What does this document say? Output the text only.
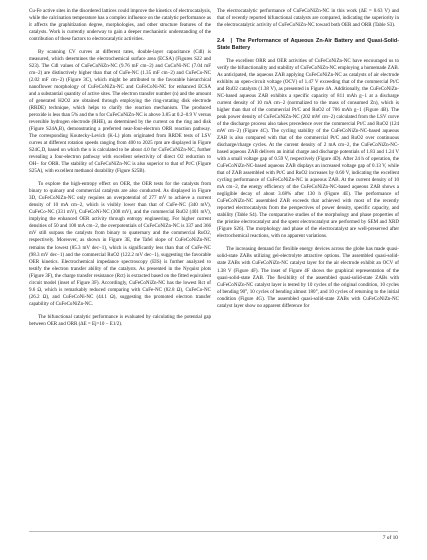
Cu-Fe active sites in the disordered lattices could improve the kinetics of electrocatalysis, while the calcination temperature has a complex influence on the catalytic performance as it affects the graphitization degree, morphologies, and other structure features of the catalysts. Work is currently underway to gain a deeper mechanistic understanding of the contribution of these factors to electrocatalytic activities.

By scanning CV curves at different rates, double-layer capacitance (Cdl) is measured, which determines the electrochemical surface area (ECSA) (Figures S22 and S23). The Cdl values of CuFeCoNiZn-NC (9.76 mF cm−2) and CuCoNi-NC (7.04 mF cm−2) are distinctively higher than that of CuFe-NC (1.35 mF cm−2) and CuFeCo-NC (2.02 mF cm−2) (Figure 3C), which might be attributed to the favorable hierarchical nanoflower morphology of CuFeCoNiZn-NC and CuFeCoNi-NC for enhanced ECSA and a substantial quantity of active sites. The electron transfer number (n) and the amount of generated H2O2 are obtained through employing the ring-rotating disk electrode (RRDE) technique, which helps to clarify the reaction mechanism. The produced peroxide is less than 5% and the n for CuFeCoNiZn-NC is above 3.85 at 0.2–0.9 V versus reversible hydrogen electrode (RHE), as determined by the current on the ring and disk (Figure S24A,B), demonstrating a preferred near-four-electron ORR reaction pathway. The corresponding Koutecky-Levich (K-L) plots originated from RRDE tests of LSV curves at different rotation speeds ranging from 400 to 2025 rpm are displayed in Figure S24C,D, based on which the n is calculated to be about 4.0 for CuFeCoNiZn-NC, further revealing a four-electron pathway with excellent selectivity of direct O2 reduction to OH− for ORR. The stability of CuFeCoNiZn-NC is also superior to that of Pt/C (Figure S25A), with excellent methanol durability (Figure S25B).

To explore the high-entropy effect on OER, the OER tests for the catalysts from binary to quinary and commercial catalysts are also conducted. As displayed in Figure 3D, CuFeCoNiZn-NC only requires an overpotential of 277 mV to achieve a current density of 10 mA cm−2, which is visibly lower than that of CuFe-NC (340 mV), CuFeCo-NC (331 mV), CuFeCoNi-NC (308 mV), and the commercial RuO2 (401 mV), implying the enhanced OER activity through entropy engineering. For higher current densities of 50 and 100 mA cm−2, the overpotentials of CuFeCoNiZn-NC is 337 and 366 mV still surpass the catalysts from binary to quaternary and the commercial RuO2, respectively. Moreover, as shown in Figure 3E, the Tafel slope of CuFeCoNiZn-NC remains the lowest (85.3 mV dec−1), which is significantly less than that of CuFe-NC (98.3 mV dec−1) and the commercial RuO2 (122.2 mV dec−1), suggesting the favorable OER kinetics. Electrochemical impedance spectroscopy (EIS) is further analyzed to testify the electron transfer ability of the catalysts. As presented in the Nyquist plots (Figure 3F), the charge transfer resistance (Rct) is extracted based on the fitted equivalent circuit model (inset of Figure 3F). Accordingly, CuFeCoNiZn-NC has the lowest Rct of 9.6 Ω, which is remarkably reduced comparing with CuFe-NC (82.8 Ω), CuFeCo-NC (26.2 Ω), and CuFeCoNi-NC (44.1 Ω), suggesting the promoted electron transfer capability of CuFeCoNiZn-NC.

The bifunctional catalytic performance is evaluated by calculating the potential gap between OER and ORR (ΔE = Ej=10 − E1/2).

The electrocatalytic performance of CuFeCoNiZn-NC in this work (ΔE = 0.63 V) and that of recently reported bifunctional catalysts are compared, indicating the superiority in the electrocatalytic activity of CuFeCoNiZn-NC toward both OER and ORR (Table S3).

2.4 | The Performance of Aqueous Zn-Air Battery and Quasi-Solid-State Battery

The excellent ORR and OER activities of CuFeCoNiZn-NC have encouraged us to verify the bifunctionality and stability of CuFeCoNiZn-NC employing a homemade ZAB. As anticipated, the aqueous ZAB applying CuFeCoNiZn-NC as catalysts of air electrode exhibits an open-circuit voltage (OCV) of 1.47 V exceeding that of the commercial Pt/C and RuO2 catalysts (1.38 V), as presented in Figure 4A. Additionally, the CuFeCoNiZn-NC-based aqueous ZAB exhibits a specific capacity of 811 mAh g−1 at a discharge current density of 10 mA cm−2 (normalized to the mass of consumed Zn), which is higher than that of the commercial Pt/C and RuO2 of 706 mAh g−1 (Figure 4B). The peak power density of CuFeCoNiZn-NC (202 mW cm−2) calculated from the LSV curve of the discharge process also takes precedence over the commercial Pt/C and RuO2 (124 mW cm−2) (Figure 4C). The cycling stability of the CuFeCoNiZn-NC-based aqueous ZAB is also compared with that of the commercial Pt/C and RuO2 over continuous discharge/charge cycles. At the current density of 2 mA cm−2, the CuFeCoNiZn-NC-based aqueous ZAB delivers an initial charge and discharge potentials of 1.83 and 1.24 V with a small voltage gap of 0.59 V, respectively (Figure 4D). After 24 h of operation, the CuFeCoNiZn-NC-based aqueous ZAB displays an increased voltage gap of 0.13 V, while that of ZAB assembled with Pt/C and RuO2 increases by 0.60 V, indicating the excellent cycling performance of CuFeCoNiZn-NC in aqueous ZAB. At the current density of 10 mA cm−2, the energy efficiency of the CuFeCoNiZn-NC-based aqueous ZAB shows a negligible decay of about 3.68% after 130 h (Figure 4E). The performance of CuFeCoNiZn-NC assembled ZAB exceeds that achieved with most of the recently reported electrocatalysts from the perspectives of power density, specific capacity, and stability (Table S4). The comparative studies of the morphology and phase properties of the pristine electrocatalyst and the spent electrocatalyst are performed by SEM and XRD (Figure S26). The morphology and phase of the electrocatalyst are well-preserved after electrochemical reactions, with no apparent variations.

The increasing demand for flexible energy devices across the globe has made quasi-solid-state ZABs utilizing gel-electrolyte attractive options. The assembled quasi-solid-state ZABs with CuFeCoNiZn-NC catalyst layer for the air electrode exhibit an OCV of 1.38 V (Figure 4F). The inset of Figure 4F shows the graphical representation of the quasi-solid-state ZAB. The flexibility of the assembled quasi-solid-state ZABs with CuFeCoNiZn-NC catalyst layer is tested by 10 cycles of the original condition, 10 cycles of bending 90°, 10 cycles of bending almost 180°, and 10 cycles of returning to the initial condition (Figure 4G). The assembled quasi-solid-state ZABs with CuFeCoNiZn-NC catalyst layer show no apparent difference for

7 of 10
